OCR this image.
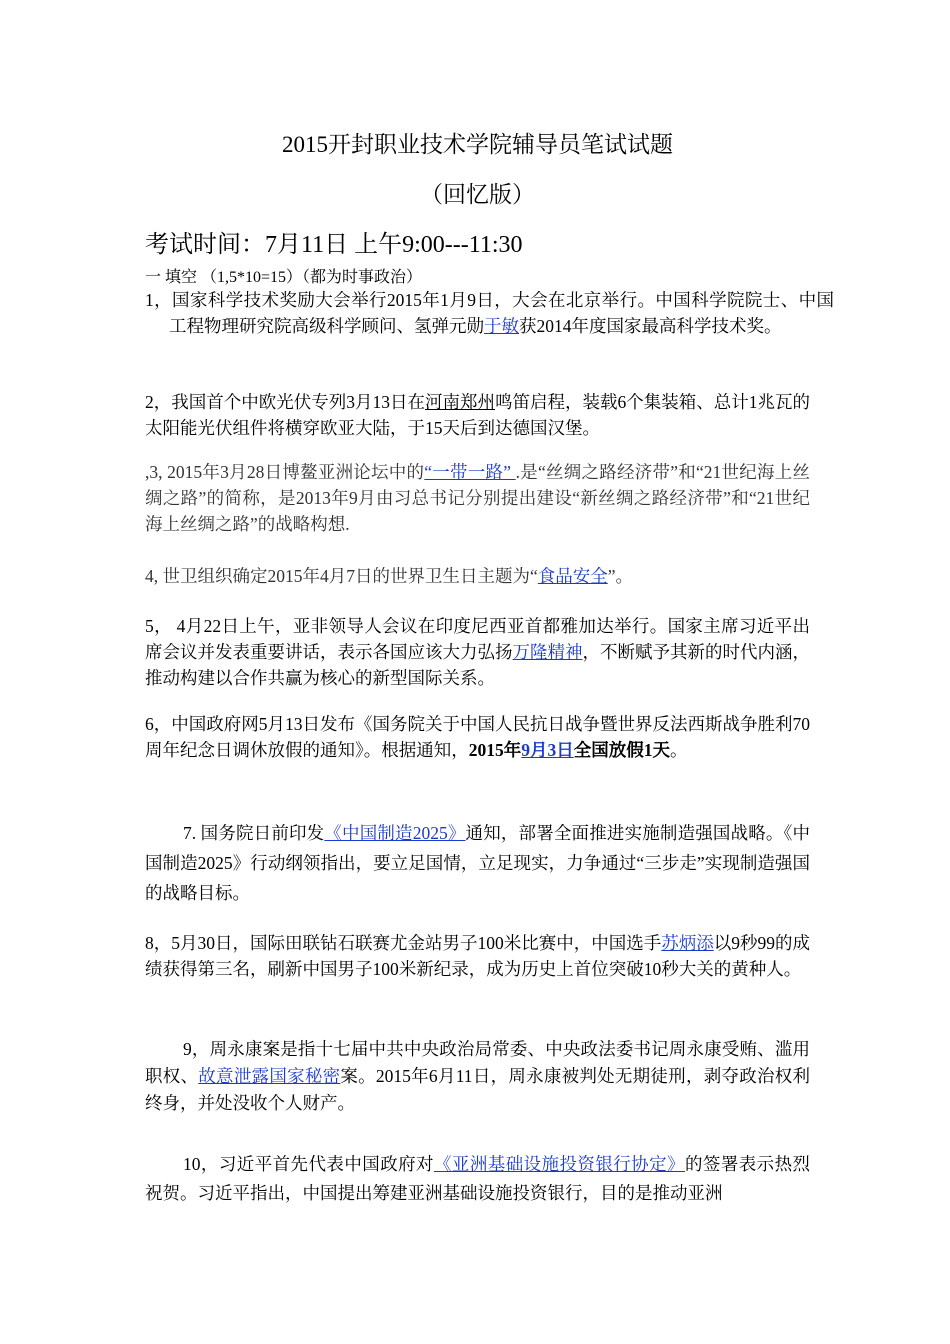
2015开封职业技术学院辅导员笔试试题
（回忆版）
考试时间：7月11日 上午9:00---11:30
一 填空 （1,5*10=15）（都为时事政治）
1，国家科学技术奖励大会举行2015年1月9日，大会在北京举行。中国科学院院士、中国工程物理研究院高级科学顾问、氢弹元勋于敏获2014年度国家最高科学技术奖。
2，我国首个中欧光伏专列3月13日在河南郑州鸣笛启程，装载6个集装箱、总计1兆瓦的太阳能光伏组件将横穿欧亚大陆，于15天后到达德国汉堡。
,3, 2015年3月28日博鳌亚洲论坛中的“一带一路” .是“丝绸之路经济带”和“21世纪海上丝绸之路”的简称，是2013年9月由习总书记分别提出建设“新丝绸之路经济带”和“21世纪海上丝绸之路”的战略构想.
4, 世卫组织确定2015年4月7日的世界卫生日主题为“食品安全”。
5， 4月22日上午，亚非领导人会议在印度尼西亚首都雅加达举行。国家主席习近平出席会议并发表重要讲话，表示各国应该大力弘扬万隆精神，不断赋予其新的时代内涵，推动构建以合作共赢为核心的新型国际关系。
6，中国政府网5月13日发布《国务院关于中国人民抗日战争暨世界反法西斯战争胜利70周年纪念日调休放假的通知》。根据通知，2015年9月3日全国放假1天。
7. 国务院日前印发《中国制造2025》通知，部署全面推进实施制造强国战略。《中国制造2025》行动纲领指出，要立足国情，立足现实，力争通过“三步走”实现制造强国的战略目标。
8，5月30日，国际田联钻石联赛尤金站男子100米比赛中，中国选手苏炳添以9秒99的成绩获得第三名，刷新中国男子100米新纪录，成为历史上首位突破10秒大关的黄种人。
9，周永康案是指十七届中共中央政治局常委、中央政法委书记周永康受贿、滥用职权、故意泄露国家秘密案。2015年6月11日，周永康被判处无期徒刑，剥夺政治权利终身，并处没收个人财产。
10，习近平首先代表中国政府对《亚洲基础设施投资银行协定》的签署表示热烈祝贺。习近平指出，中国提出筹建亚洲基础设施投资银行，目的是推动亚洲
